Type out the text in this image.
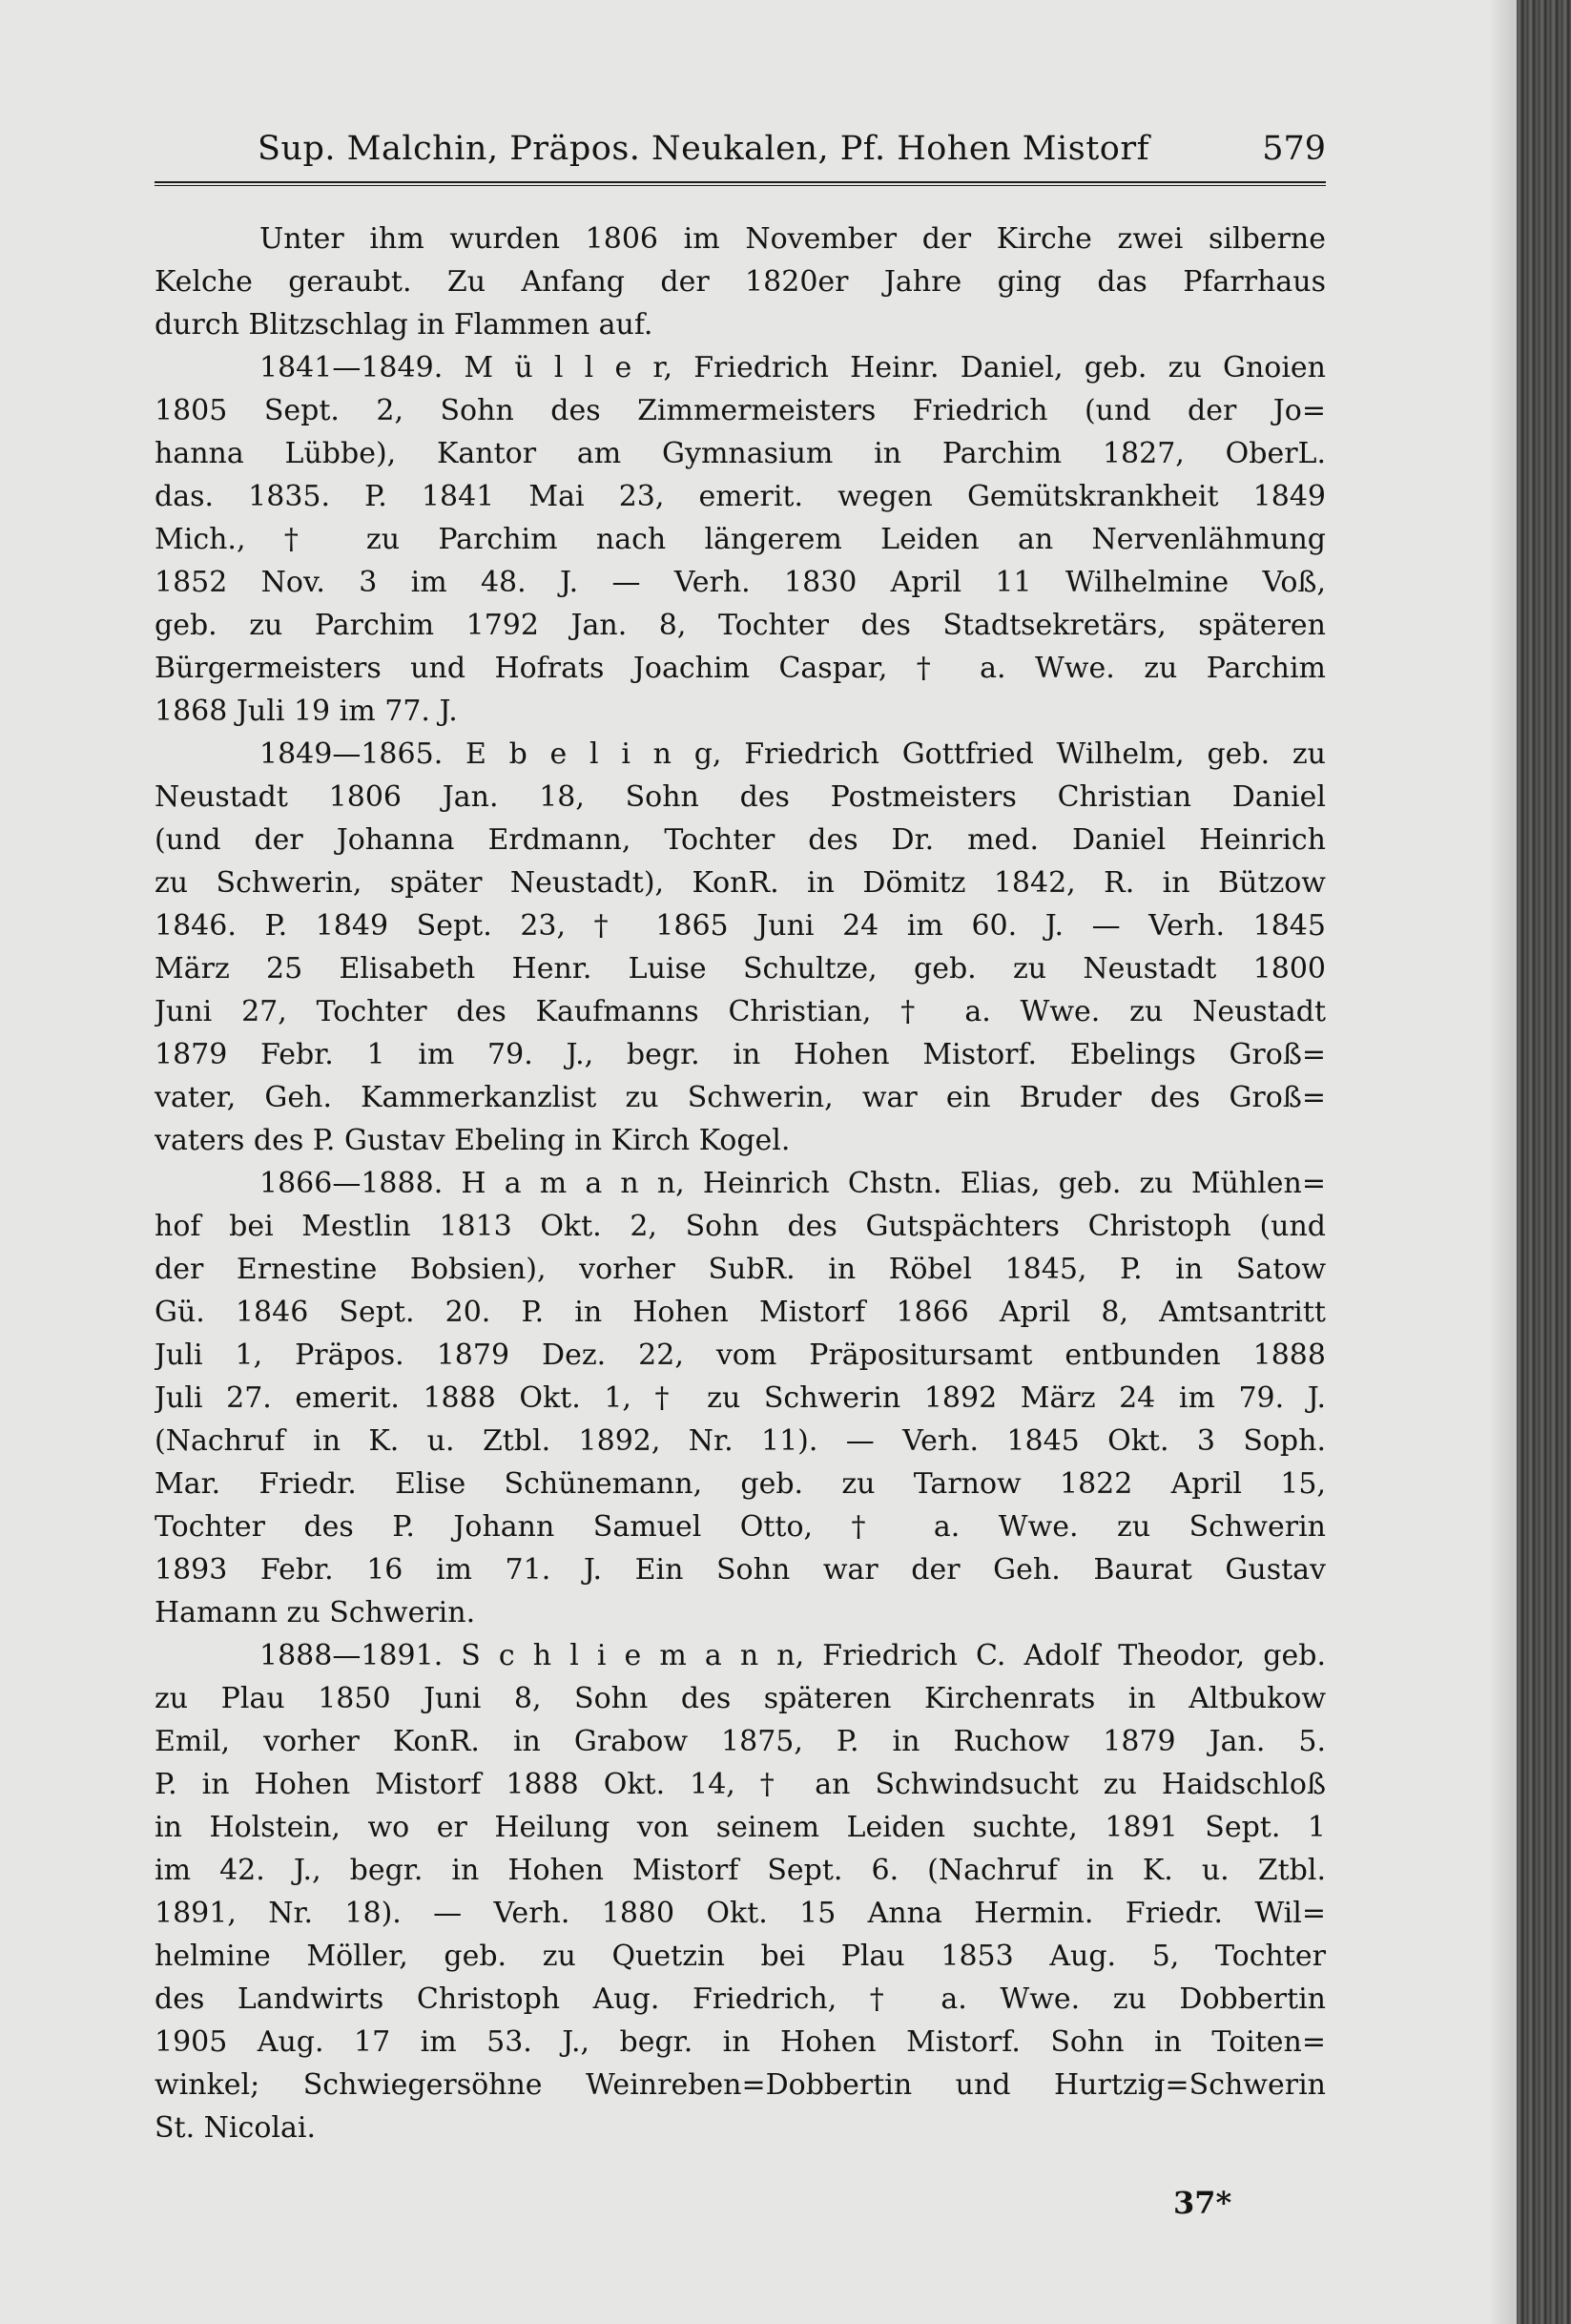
Sup. Malchin, Präpos. Neukalen, Pf. Hohen Mistorf	579
Unter ihm wurden 1806 im November der Kirche zwei silberne
Kelche geraubt. Zu Anfang der 1820er Jahre ging das Pfarrhaus
durch Blitzschlag in Flammen auf.
1841—1849. M ü l l e r, Friedrich Heinr. Daniel, geb. zu Gnoien
1805 Sept. 2, Sohn des Zimmermeisters Friedrich (und der Jo=
hanna Lübbe), Kantor am Gymnasium in Parchim 1827, OberL.
das. 1835. P. 1841 Mai 23, emerit. wegen Gemütskrankheit 1849
Mich., † zu Parchim nach längerem Leiden an Nervenlähmung
1852 Nov. 3 im 48. J. — Verh. 1830 April 11 Wilhelmine Voß,
geb. zu Parchim 1792 Jan. 8, Tochter des Stadtsekretärs, späteren
Bürgermeisters und Hofrats Joachim Caspar, † a. Wwe. zu Parchim
1868 Juli 19 im 77. J.
1849—1865. E b e l i n g, Friedrich Gottfried Wilhelm, geb. zu
Neustadt 1806 Jan. 18, Sohn des Postmeisters Christian Daniel
(und der Johanna Erdmann, Tochter des Dr. med. Daniel Heinrich
zu Schwerin, später Neustadt), KonR. in Dömitz 1842, R. in Bützow
1846. P. 1849 Sept. 23, † 1865 Juni 24 im 60. J. — Verh. 1845
März 25 Elisabeth Henr. Luise Schultze, geb. zu Neustadt 1800
Juni 27, Tochter des Kaufmanns Christian, † a. Wwe. zu Neustadt
1879 Febr. 1 im 79. J., begr. in Hohen Mistorf. Ebelings Groß=
vater, Geh. Kammerkanzlist zu Schwerin, war ein Bruder des Groß=
vaters des P. Gustav Ebeling in Kirch Kogel.
1866—1888. H a m a n n, Heinrich Chstn. Elias, geb. zu Mühlen=
hof bei Mestlin 1813 Okt. 2, Sohn des Gutspächters Christoph (und
der Ernestine Bobsien), vorher SubR. in Röbel 1845, P. in Satow
Gü. 1846 Sept. 20. P. in Hohen Mistorf 1866 April 8, Amtsantritt
Juli 1, Präpos. 1879 Dez. 22, vom Präpositursamt entbunden 1888
Juli 27. emerit. 1888 Okt. 1, † zu Schwerin 1892 März 24 im 79. J.
(Nachruf in K. u. Ztbl. 1892, Nr. 11). — Verh. 1845 Okt. 3 Soph.
Mar. Friedr. Elise Schünemann, geb. zu Tarnow 1822 April 15,
Tochter des P. Johann Samuel Otto, † a. Wwe. zu Schwerin
1893 Febr. 16 im 71. J. Ein Sohn war der Geh. Baurat Gustav
Hamann zu Schwerin.
1888—1891. S c h l i e m a n n, Friedrich C. Adolf Theodor, geb.
zu Plau 1850 Juni 8, Sohn des späteren Kirchenrats in Altbukow
Emil, vorher KonR. in Grabow 1875, P. in Ruchow 1879 Jan. 5.
P. in Hohen Mistorf 1888 Okt. 14, † an Schwindsucht zu Haidschloß
in Holstein, wo er Heilung von seinem Leiden suchte, 1891 Sept. 1
im 42. J., begr. in Hohen Mistorf Sept. 6. (Nachruf in K. u. Ztbl.
1891, Nr. 18). — Verh. 1880 Okt. 15 Anna Hermin. Friedr. Wil=
helmine Möller, geb. zu Quetzin bei Plau 1853 Aug. 5, Tochter
des Landwirts Christoph Aug. Friedrich, † a. Wwe. zu Dobbertin
1905 Aug. 17 im 53. J., begr. in Hohen Mistorf. Sohn in Toiten=
winkel; Schwiegersöhne Weinreben=Dobbertin und Hurtzig=Schwerin
St. Nicolai.
37*
